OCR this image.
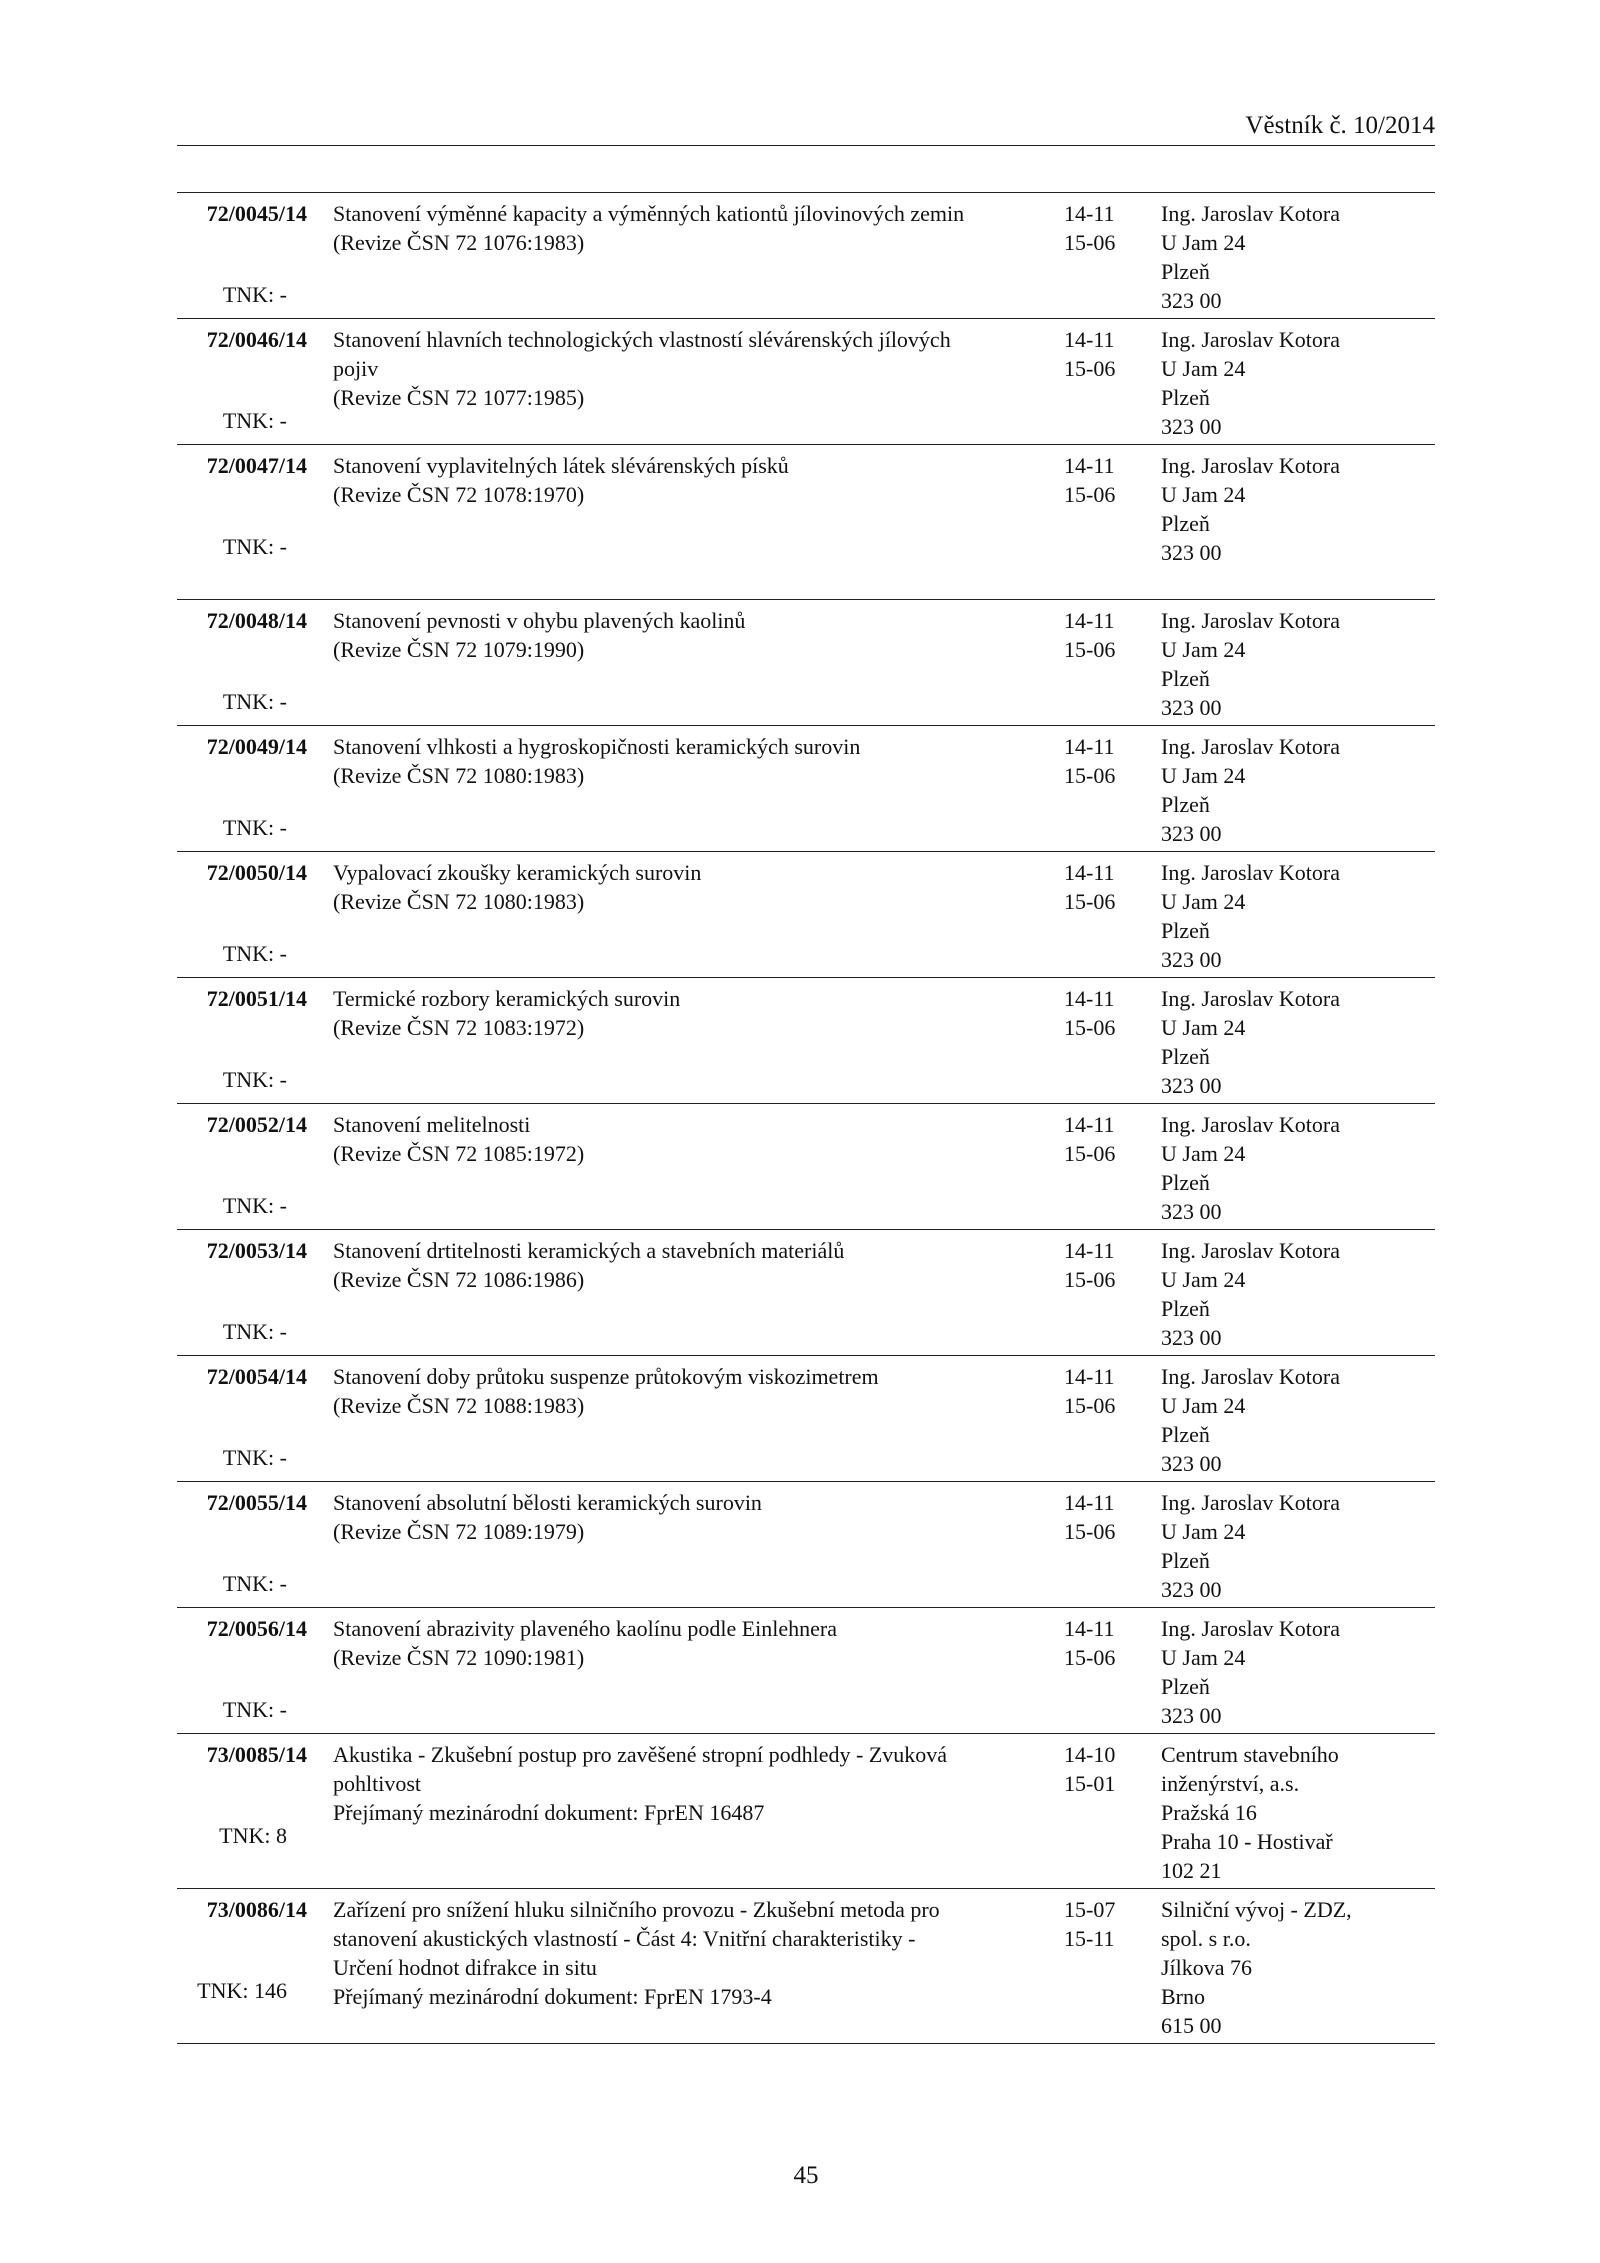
Věstník č. 10/2014
72/0045/14
TNK: -
Stanovení výměnné kapacity a výměnných kationtů jílovinových zemin
(Revize ČSN 72 1076:1983)
14-11
15-06
Ing. Jaroslav Kotora
U Jam 24
Plzeň
323 00
72/0046/14
TNK: -
Stanovení hlavních technologických vlastností slévárenských jílových
pojiv
(Revize ČSN 72 1077:1985)
14-11
15-06
Ing. Jaroslav Kotora
U Jam 24
Plzeň
323 00
72/0047/14
TNK: -
Stanovení vyplavitelných látek slévárenských písků
(Revize ČSN 72 1078:1970)
14-11
15-06
Ing. Jaroslav Kotora
U Jam 24
Plzeň
323 00
72/0048/14
TNK: -
Stanovení pevnosti v ohybu plavených kaolinů
(Revize ČSN 72 1079:1990)
14-11
15-06
Ing. Jaroslav Kotora
U Jam 24
Plzeň
323 00
72/0049/14
TNK: -
Stanovení vlhkosti a hygroskopičnosti keramických surovin
(Revize ČSN 72 1080:1983)
14-11
15-06
Ing. Jaroslav Kotora
U Jam 24
Plzeň
323 00
72/0050/14
TNK: -
Vypalovací zkoušky keramických surovin
(Revize ČSN 72 1080:1983)
14-11
15-06
Ing. Jaroslav Kotora
U Jam 24
Plzeň
323 00
72/0051/14
TNK: -
Termické rozbory keramických surovin
(Revize ČSN 72 1083:1972)
14-11
15-06
Ing. Jaroslav Kotora
U Jam 24
Plzeň
323 00
72/0052/14
TNK: -
Stanovení melitelnosti
(Revize ČSN 72 1085:1972)
14-11
15-06
Ing. Jaroslav Kotora
U Jam 24
Plzeň
323 00
72/0053/14
TNK: -
Stanovení drtitelnosti keramických a stavebních materiálů
(Revize ČSN 72 1086:1986)
14-11
15-06
Ing. Jaroslav Kotora
U Jam 24
Plzeň
323 00
72/0054/14
TNK: -
Stanovení doby průtoku suspenze průtokovým viskozimetrem
(Revize ČSN 72 1088:1983)
14-11
15-06
Ing. Jaroslav Kotora
U Jam 24
Plzeň
323 00
72/0055/14
TNK: -
Stanovení absolutní bělosti keramických surovin
(Revize ČSN 72 1089:1979)
14-11
15-06
Ing. Jaroslav Kotora
U Jam 24
Plzeň
323 00
72/0056/14
TNK: -
Stanovení abrazivity plaveného kaolínu podle Einlehnera
(Revize ČSN 72 1090:1981)
14-11
15-06
Ing. Jaroslav Kotora
U Jam 24
Plzeň
323 00
73/0085/14
TNK: 8
Akustika - Zkušební postup pro zavěšené stropní podhledy - Zvuková
pohltivost
Přejímaný mezinárodní dokument: FprEN 16487
14-10
15-01
Centrum stavebního
inženýrství, a.s.
Pražská 16
Praha 10 - Hostivař
102 21
73/0086/14
TNK: 146
Zařízení pro snížení hluku silničního provozu - Zkušební metoda pro
stanovení akustických vlastností - Část 4: Vnitřní charakteristiky -
Určení hodnot difrakce in situ
Přejímaný mezinárodní dokument: FprEN 1793-4
15-07
15-11
Silniční vývoj - ZDZ,
spol. s r.o.
Jílkova 76
Brno
615 00
45
